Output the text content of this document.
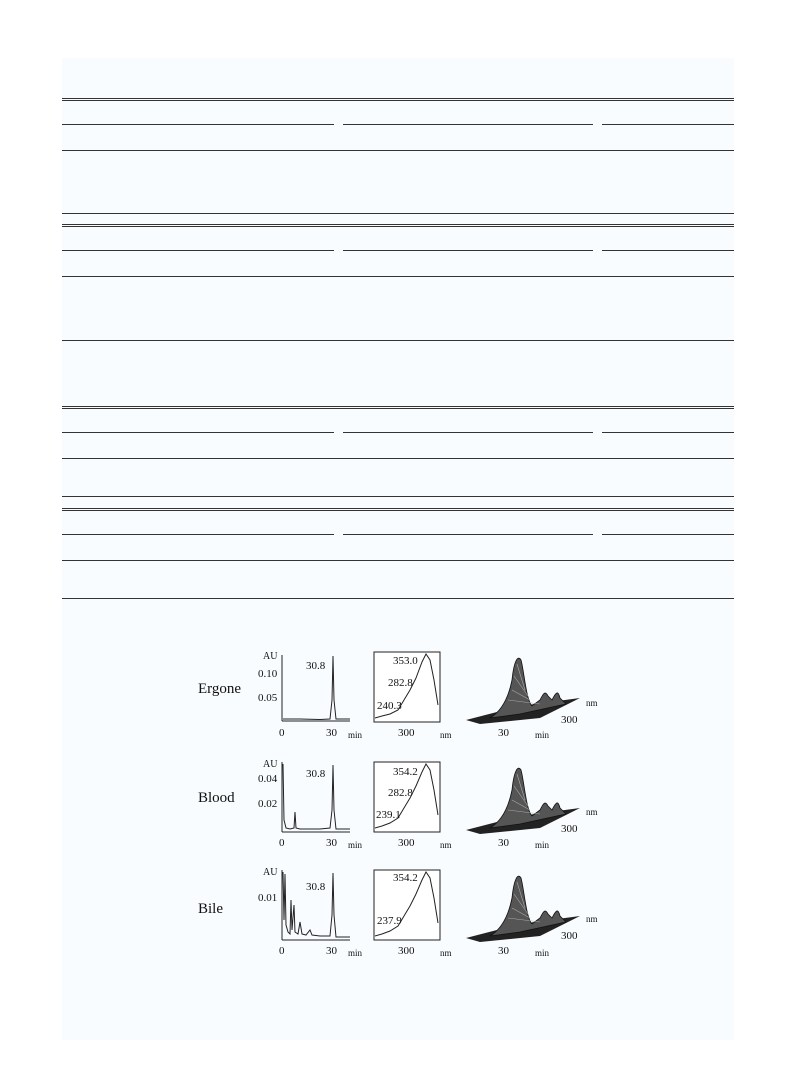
Ergone
AU
0.10
0.05
30.8
0	30 min
353.0
282.8
240.3
300	nm
nm
300
30	min
Blood
AU
0.04
0.02
30.8
0	30 min
354.2
282.8
239.1
300	nm
nm
300
30	min
Bile
AU
0.01
30.8
0	30 min
354.2
237.9
300	nm
nm
300
30	min
